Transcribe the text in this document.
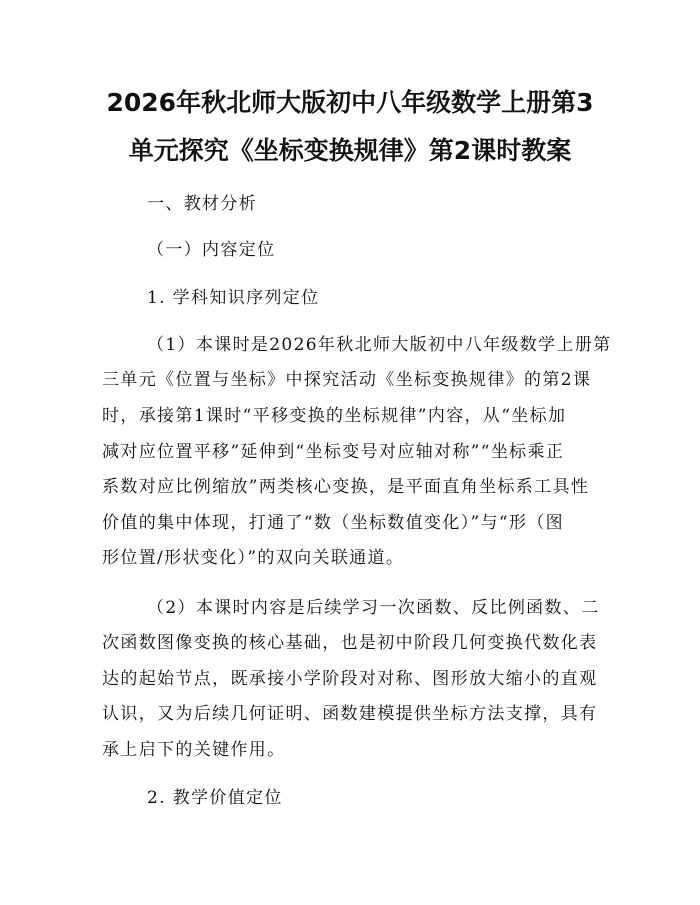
2026年秋北师大版初中八年级数学上册第3
单元探究《坐标变换规律》第2课时教案
一、教材分析
（一）内容定位
1. 学科知识序列定位
（1）本课时是2026年秋北师大版初中八年级数学上册第
三单元《位置与坐标》中探究活动《坐标变换规律》的第2课
时，承接第1课时“平移变换的坐标规律”内容，从“坐标加
减对应位置平移”延伸到“坐标变号对应轴对称”“坐标乘正
系数对应比例缩放”两类核心变换，是平面直角坐标系工具性
价值的集中体现，打通了“数（坐标数值变化）”与“形（图
形位置/形状变化）”的双向关联通道。
（2）本课时内容是后续学习一次函数、反比例函数、二
次函数图像变换的核心基础，也是初中阶段几何变换代数化表
达的起始节点，既承接小学阶段对对称、图形放大缩小的直观
认识，又为后续几何证明、函数建模提供坐标方法支撑，具有
承上启下的关键作用。
2. 教学价值定位
